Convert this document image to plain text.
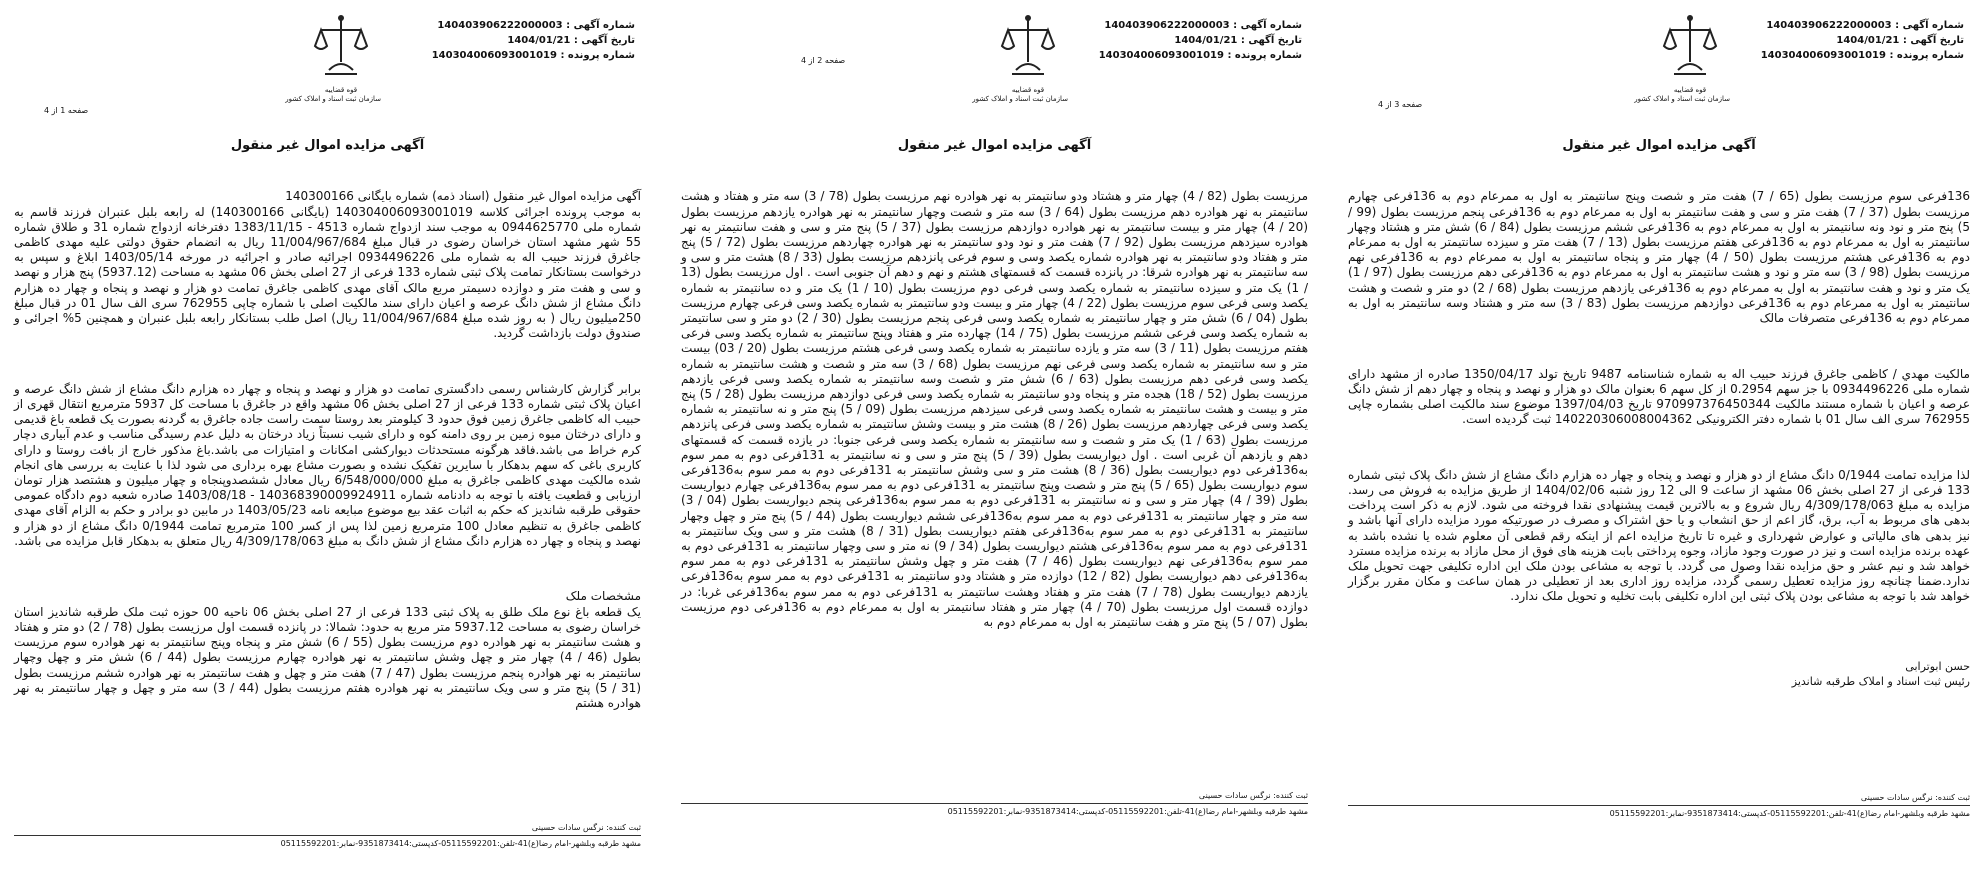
شماره آگهی : 140403906222000003
تاریخ آگهی : 1404/01/21
شماره پرونده : 140304006093001019
قوه قضاییه
سازمان ثبت اسناد و املاک کشور
صفحه 3 از 4
آگهی مزایده اموال غیر منقول

136فرعی سوم مرزیست بطول (65 / 7) هفت متر و شصت وپنج سانتیمتر به اول به ممرعام دوم به 136فرعی چهارم مرزیست بطول (37 / 7) هفت متر و سی و هفت سانتیمتر به اول به ممرعام دوم به 136فرعی پنجم مرزیست بطول (99 / 5) پنج متر و نود ونه سانتیمتر به اول به ممرعام دوم به 136فرعی ششم مرزیست بطول (84 / 6) شش متر و هشتاد وچهار سانتیمتر به اول به ممرعام دوم به 136فرعی هفتم مرزیست بطول (13 / 7) هفت متر و سیزده سانتیمتر به اول به ممرعام دوم به 136فرعی هشتم مرزیست بطول (50 / 4) چهار متر و پنجاه سانتیمتر به اول به ممرعام دوم به 136فرعی نهم مرزیست بطول (98 / 3) سه متر و نود و هشت سانتیمتر به اول به ممرعام دوم به 136فرعی دهم مرزیست بطول (97 / 1) یک متر و نود و هفت سانتیمتر به اول به ممرعام دوم به 136فرعی یازدهم مرزیست بطول (68 / 2) دو متر و شصت و هشت سانتیمتر به اول به ممرعام دوم به 136فرعی دوازدهم مرزیست بطول (83 / 3) سه متر و هشتاد وسه سانتیمتر به اول به ممرعام دوم به 136فرعی متصرفات مالک

مالکیت مهدي / کاظمی جاغرق فرزند حبیب اله به شماره شناسنامه 9487 تاریخ تولد 1350/04/17 صادره از مشهد دارای شماره ملی 0934496226 با جز سهم 0.2954 از کل سهم 6 بعنوان مالک دو هزار و نهصد و پنجاه و چهار دهم از شش دانگ عرصه و اعیان با شماره مستند مالکیت 970997376450344 تاریخ 1397/04/03 موضوع سند مالکیت اصلی بشماره چاپی 762955 سری الف سال 01 با شماره دفتر الکترونیکی 140220306008004362 ثبت گردیده است.

لذا مزایده تمامت 0/1944 دانگ مشاع از دو هزار و نهصد و پنجاه و چهار ده هزارم دانگ مشاع از شش دانگ پلاک ثبتی شماره 133 فرعی از 27 اصلی بخش 06 مشهد از ساعت 9 الی 12 روز شنبه 1404/02/06 از طریق مزایده به فروش می رسد. مزایده به مبلغ 4/309/178/063 ریال شروع و به بالاترین قیمت پیشنهادی نقدا فروخته می شود. لازم به ذکر است پرداخت بدهی های مربوط به آب، برق، گاز اعم از حق انشعاب و یا حق اشتراک و مصرف در صورتیکه مورد مزایده دارای آنها باشد و نیز بدهی های مالیاتی و عوارض شهرداری و غیره تا تاریخ مزایده اعم از اینکه رقم قطعی آن معلوم شده یا نشده باشد به عهده برنده مزایده است و نیز در صورت وجود مازاد، وجوه پرداختی بابت هزینه های فوق از محل مازاد به برنده مزایده مسترد خواهد شد و نیم عشر و حق مزایده نقدا وصول می گردد. با توجه به مشاعی بودن ملک این اداره تکلیفی جهت تحویل ملک ندارد.ضمنا چنانچه روز مزایده تعطیل رسمی گردد، مزایده روز اداری بعد از تعطیلی در همان ساعت و مکان مقرر برگزار خواهد شد با توجه به مشاعی بودن پلاک ثبتی این اداره تکلیفی بابت تخلیه و تحویل ملک ندارد.

حسن ابوترابی
رئیس ثبت اسناد و املاک طرقبه شاندیز
ثبت کننده: نرگس سادات حسینی
مشهد طرقبه وبلشهر-امام رضا(ع)41-تلفن:05115592201-کدپستی:9351873414-نمابر:05115592201
شماره آگهی : 140403906222000003
تاریخ آگهی : 1404/01/21
شماره پرونده : 140304006093001019
قوه قضاییه
سازمان ثبت اسناد و املاک کشور
صفحه 2 از 4
آگهی مزایده اموال غیر منقول

مرزیست بطول (82 / 4) چهار متر و هشتاد ودو سانتیمتر به نهر هوادره نهم مرزیست بطول (78 / 3) سه متر و هفتاد و هشت سانتیمتر به نهر هوادره دهم مرزیست بطول (64 / 3) سه متر و شصت وچهار سانتیمتر به نهر هوادره یازدهم مرزیست بطول (20 / 4) چهار متر و بیست سانتیمتر به نهر هوادره دوازدهم مرزیست بطول (37 / 5) پنج متر و سی و هفت سانتیمتر به نهر هوادره سیزدهم مرزیست بطول (92 / 7) هفت متر و نود ودو سانتیمتر به نهر هوادره چهاردهم مرزیست بطول (72 / 5) پنج متر و هفتاد ودو سانتیمتر به نهر هوادره شماره یکصد وسی و سوم فرعی پانزدهم مرزیست بطول (33 / 8) هشت متر و سی و سه سانتیمتر به نهر هوادره شرقا: در پانزده قسمت که قسمتهای هشتم و نهم و دهم آن جنوبی است . اول مرزیست بطول (13 / 1) یک متر و سیزده سانتیمتر به شماره یکصد وسی فرعی دوم مرزیست بطول (10 / 1) یک متر و ده سانتیمتر به شماره یکصد وسی فرعی سوم مرزیست بطول (22 / 4) چهار متر و بیست ودو سانتیمتر به شماره یکصد وسی فرعی چهارم مرزیست بطول (04 / 6) شش متر و چهار سانتیمتر به شماره یکصد وسی فرعی پنجم مرزیست بطول (30 / 2) دو متر و سی سانتیمتر به شماره یکصد وسی فرعی ششم مرزیست بطول (75 / 14) چهارده متر و هفتاد وپنج سانتیمتر به شماره یکصد وسی فرعی هفتم مرزیست بطول (11 / 3) سه متر و یازده سانتیمتر به شماره یکصد وسی فرعی هشتم مرزیست بطول (20 / 03) بیست متر و سه سانتیمتر به شماره یکصد وسی فرعی نهم مرزیست بطول (68 / 3) سه متر و شصت و هشت سانتیمتر به شماره یکصد وسی فرعی دهم مرزیست بطول (63 / 6) شش متر و شصت وسه سانتیمتر به شماره یکصد وسی فرعی یازدهم مرزیست بطول (52 / 18) هجده متر و پنجاه ودو سانتیمتر به شماره یکصد وسی فرعی دوازدهم مرزیست بطول (28 / 5) پنج متر و بیست و هشت سانتیمتر به شماره یکصد وسی فرعی سیزدهم مرزیست بطول (09 / 5) پنج متر و نه سانتیمتر به شماره یکصد وسی فرعی چهاردهم مرزیست بطول (26 / 8) هشت متر و بیست وشش سانتیمتر به شماره یکصد وسی فرعی پانزدهم مرزیست بطول (63 / 1) یک متر و شصت و سه سانتیمتر به شماره یکصد وسی فرعی جنوبا: در یازده قسمت که قسمتهای دهم و یازدهم آن غربی است . اول دیواریست بطول (39 / 5) پنج متر و سی و نه سانتیمتر به 131فرعی دوم به ممر سوم به136فرعی دوم دیواریست بطول (36 / 8) هشت متر و سی وشش سانتیمتر به 131فرعی دوم به ممر سوم به136فرعی سوم دیواریست بطول (65 / 5) پنج متر و شصت وپنج سانتیمتر به 131فرعی دوم به ممر سوم به136فرعی چهارم دیواریست بطول (39 / 4) چهار متر و سی و نه سانتیمتر به 131فرعی دوم به ممر سوم به136فرعی پنجم دیواریست بطول (04 / 3) سه متر و چهار سانتیمتر به 131فرعی دوم به ممر سوم به136فرعی ششم دیواریست بطول (44 / 5) پنج متر و چهل وچهار سانتیمتر به 131فرعی دوم به ممر سوم به136فرعی هفتم دیواریست بطول (31 / 8) هشت متر و سی ویک سانتیمتر به 131فرعی دوم به ممر سوم به136فرعی هشتم دیواریست بطول (34 / 9) نه متر و سی وچهار سانتیمتر به 131فرعی دوم به ممر سوم به136فرعی نهم دیواریست بطول (46 / 7) هفت متر و چهل وشش سانتیمتر به 131فرعی دوم به ممر سوم به136فرعی دهم دیواریست بطول (82 / 12) دوازده متر و هشتاد ودو سانتیمتر به 131فرعی دوم به ممر سوم به136فرعی یازدهم دیواریست بطول (78 / 7) هفت متر و هفتاد وهشت سانتیمتر به 131فرعی دوم به ممر سوم به136فرعی غربا: در دوازده قسمت اول مرزیست بطول (70 / 4) چهار متر و هفتاد سانتیمتر به اول به ممرعام دوم به 136فرعی دوم مرزیست بطول (07 / 5) پنج متر و هفت سانتیمتر به اول به ممرعام دوم به

ثبت کننده: نرگس سادات حسینی
مشهد طرقبه وبلشهر-امام رضا(ع)41-تلفن:05115592201-کدپستی:9351873414-نمابر:05115592201
شماره آگهی : 140403906222000003
تاریخ آگهی : 1404/01/21
شماره پرونده : 140304006093001019
قوه قضاییه
سازمان ثبت اسناد و املاک کشور
صفحه 1 از 4
آگهی مزایده اموال غیر منقول

آگهی مزایده اموال غیر منقول (اسناد ذمه) شماره بایگانی 140300166
به موجب پرونده اجرائی کلاسه 140304006093001019 (بایگانی 140300166) له رابعه بلبل عنبران فرزند قاسم به شماره ملی 0944625770 به موجب سند ازدواج شماره 4513 - 1383/11/15 دفترخانه ازدواج شماره 31 و طلاق شماره 55 شهر مشهد استان خراسان رضوی در قبال مبلغ 11/004/967/684 ریال به انضمام حقوق دولتی علیه مهدی کاظمی جاغرق فرزند حبیب اله به شماره ملی 0934496226 اجرائیه صادر و اجرائیه در مورخه 1403/05/14 ابلاغ و سپس به درخواست بستانکار تمامت پلاک ثبتی شماره 133 فرعی از 27 اصلی بخش 06 مشهد به مساحت (5937.12) پنج هزار و نهصد و سی و هفت متر و دوازده دسیمتر مربع مالک آقای مهدی کاظمی جاغرق تمامت دو هزار و نهصد و پنجاه و چهار ده هزارم دانگ مشاع از شش دانگ عرصه و اعیان دارای سند مالکیت اصلی با شماره چاپی 762955 سری الف سال 01 در قبال مبلغ 250میلیون ریال ( به روز شده مبلغ 11/004/967/684 ریال) اصل طلب بستانکار رابعه بلبل عنبران و همچنین 5% اجرائی و صندوق دولت بازداشت گردید.

برابر گزارش کارشناس رسمی دادگستری تمامت دو هزار و نهصد و پنجاه و چهار ده هزارم دانگ مشاع از شش دانگ عرصه و اعیان پلاک ثبتی شماره 133 فرعی از 27 اصلی بخش 06 مشهد واقع در جاغرق با مساحت کل 5937 مترمربع انتقال قهری از حبیب اله کاظمی جاغرق زمین فوق حدود 3 کیلومتر بعد روستا سمت راست جاده جاغرق به گردنه بصورت یک قطعه باغ قدیمی و دارای درختان میوه زمین بر روی دامنه کوه و دارای شیب نسبتاً زیاد درختان به دلیل عدم رسیدگی مناسب و عدم آبیاری دچار کرم خراط می باشد.فاقد هرگونه مستحدثات دیوارکشی امکانات و امتیازات می باشد.باغ مذکور خارج از بافت روستا و دارای کاربری باغی که سهم بدهکار با سایرین تفکیک نشده و بصورت مشاع بهره برداری می شود لذا با عنایت به بررسی های انجام شده مالکیت مهدی کاظمی جاغرق به مبلغ 6/548/000/000 ریال معادل ششصدوپنجاه و چهار میلیون و هشتصد هزار تومان ارزیابی و قطعیت یافته با توجه به دادنامه شماره 140368390009924911 - 1403/08/18 صادره شعبه دوم دادگاه عمومی حقوقی طرقبه شاندیز که حکم به اثبات عقد بیع موضوع مبایعه نامه 1403/05/23 در مابین دو برادر و حکم به الزام آقای مهدی کاظمی جاغرق به تنظیم معادل 100 مترمربع زمین لذا پس از کسر 100 مترمربع تمامت 0/1944 دانگ مشاع از دو هزار و نهصد و پنجاه و چهار ده هزارم دانگ مشاع از شش دانگ به مبلغ 4/309/178/063 ریال متعلق به بدهکار قابل مزایده می باشد.

مشخصات ملک
یک قطعه باغ نوع ملک طلق به پلاک ثبتی 133 فرعی از 27 اصلی بخش 06 ناحیه 00 حوزه ثبت ملک طرقبه شاندیز استان خراسان رضوی به مساحت 5937.12 متر مربع به حدود: شمالا: در پانزده قسمت اول مرزیست بطول (78 / 2) دو متر و هفتاد و هشت سانتیمتر به نهر هوادره دوم مرزیست بطول (55 / 6) شش متر و پنجاه وپنج سانتیمتر به نهر هوادره سوم مرزیست بطول (46 / 4) چهار متر و چهل وشش سانتیمتر به نهر هوادره چهارم مرزیست بطول (44 / 6) شش متر و چهل وچهار سانتیمتر به نهر هوادره پنجم مرزیست بطول (47 / 7) هفت متر و چهل و هفت سانتیمتر به نهر هوادره ششم مرزیست بطول (31 / 5) پنج متر و سی ویک سانتیمتر به نهر هوادره هفتم مرزیست بطول (44 / 3) سه متر و چهل و چهار سانتیمتر به نهر هوادره هشتم

ثبت کننده: نرگس سادات حسینی
مشهد طرقبه وبلشهر-امام رضا(ع)41-تلفن:05115592201-کدپستی:9351873414-نمابر:05115592201
